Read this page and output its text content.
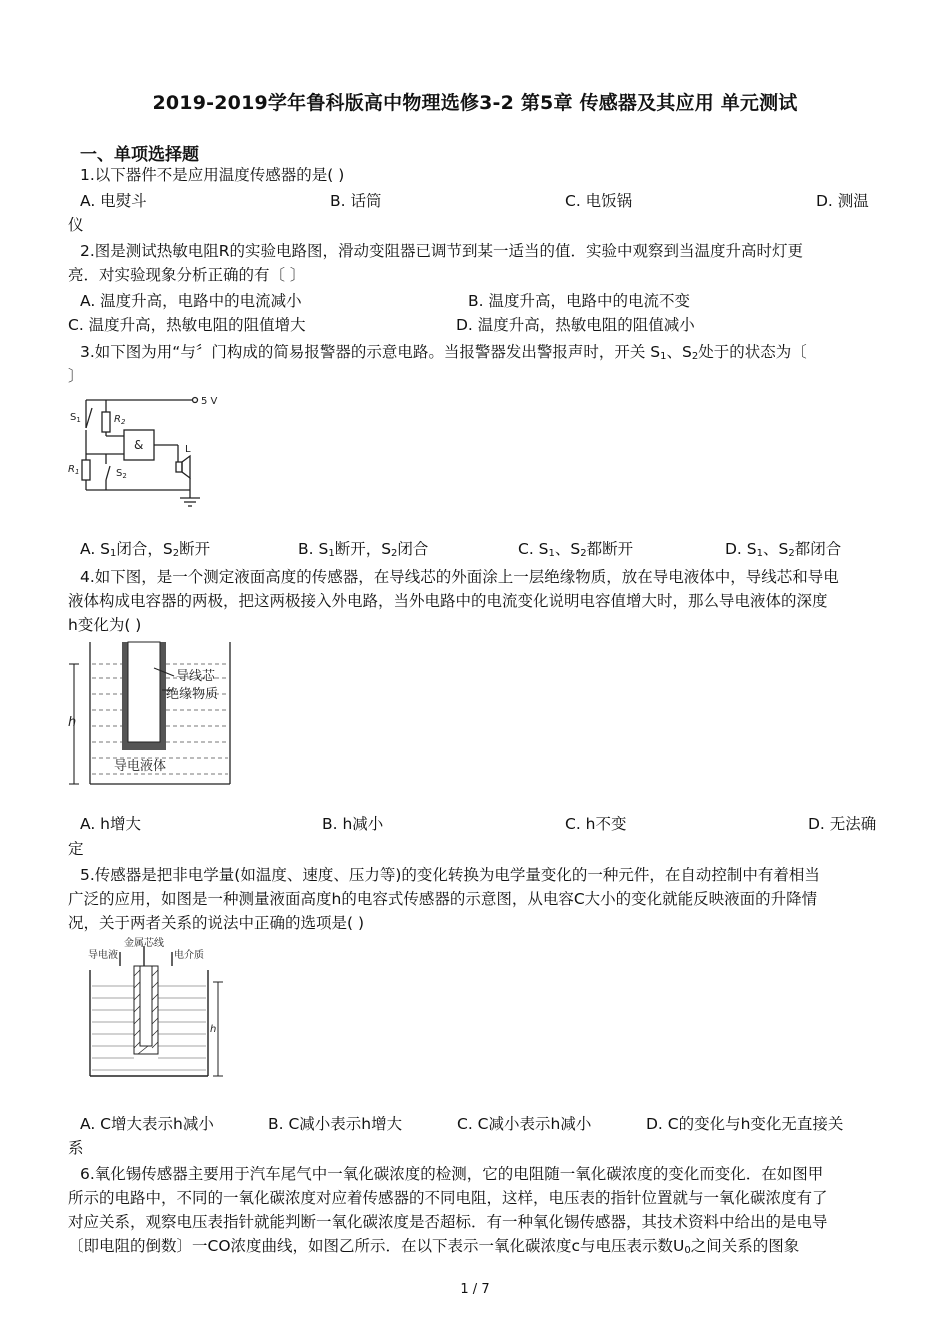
2019-2019学年鲁科版高中物理选修3-2 第5章 传感器及其应用 单元测试
一、单项选择题
1.以下器件不是应用温度传感器的是( )
A. 电熨斗	B. 话筒	C. 电饭锅	D. 测温
仪
2.图是测试热敏电阻R的实验电路图，滑动变阻器已调节到某一适当的值．实验中观察到当温度升高时灯更
亮．对实验现象分析正确的有〔 〕
A. 温度升高，电路中的电流减小	B. 温度升高，电路中的电流不变
C. 温度升高，热敏电阻的阻值增大	D. 温度升高，热敏电阻的阻值减小
3.如下图为用“与〞门构成的简易报警器的示意电路。当报警器发出警报声时，开关 $S_1$、$S_2$处于的状态为〔
〕
5 V
$R_2$
$S_1$
&	L
$R_1$	$S_2$
A. $S_1$闭合，$S_2$断开	B. $S_1$断开，$S_2$闭合	C. $S_1$、$S_2$都断开	D. $S_1$、$S_2$都闭合
4.如下图，是一个测定液面高度的传感器，在导线芯的外面涂上一层绝缘物质，放在导电液体中，导线芯和导电
液体构成电容器的两极，把这两极接入外电路，当外电路中的电流变化说明电容值增大时，那么导电液体的深度
h变化为( )
导线芯
绝缘物质
导电液体
h
A. h增大	B. h减小	C. h不变	D. 无法确
定
5.传感器是把非电学量(如温度、速度、压力等)的变化转换为电学量变化的一种元件，在自动控制中有着相当
广泛的应用，如图是一种测量液面高度h的电容式传感器的示意图，从电容C大小的变化就能反映液面的升降情
况，关于两者关系的说法中正确的选项是( )
导电液
金属芯线
电介质
h
A. C增大表示h减小	B. C减小表示h增大	C. C减小表示h减小	D. C的变化与h变化无直接关
系
6.氧化锡传感器主要用于汽车尾气中一氧化碳浓度的检测，它的电阻随一氧化碳浓度的变化而变化．在如图甲
所示的电路中，不同的一氧化碳浓度对应着传感器的不同电阻，这样，电压表的指针位置就与一氧化碳浓度有了
对应关系，观察电压表指针就能判断一氧化碳浓度是否超标．有一种氧化锡传感器，其技术资料中给出的是电导
〔即电阻的倒数〕一CO浓度曲线，如图乙所示．在以下表示一氧化碳浓度c与电压表示数$U_0$之间关系的图象
1 / 7
